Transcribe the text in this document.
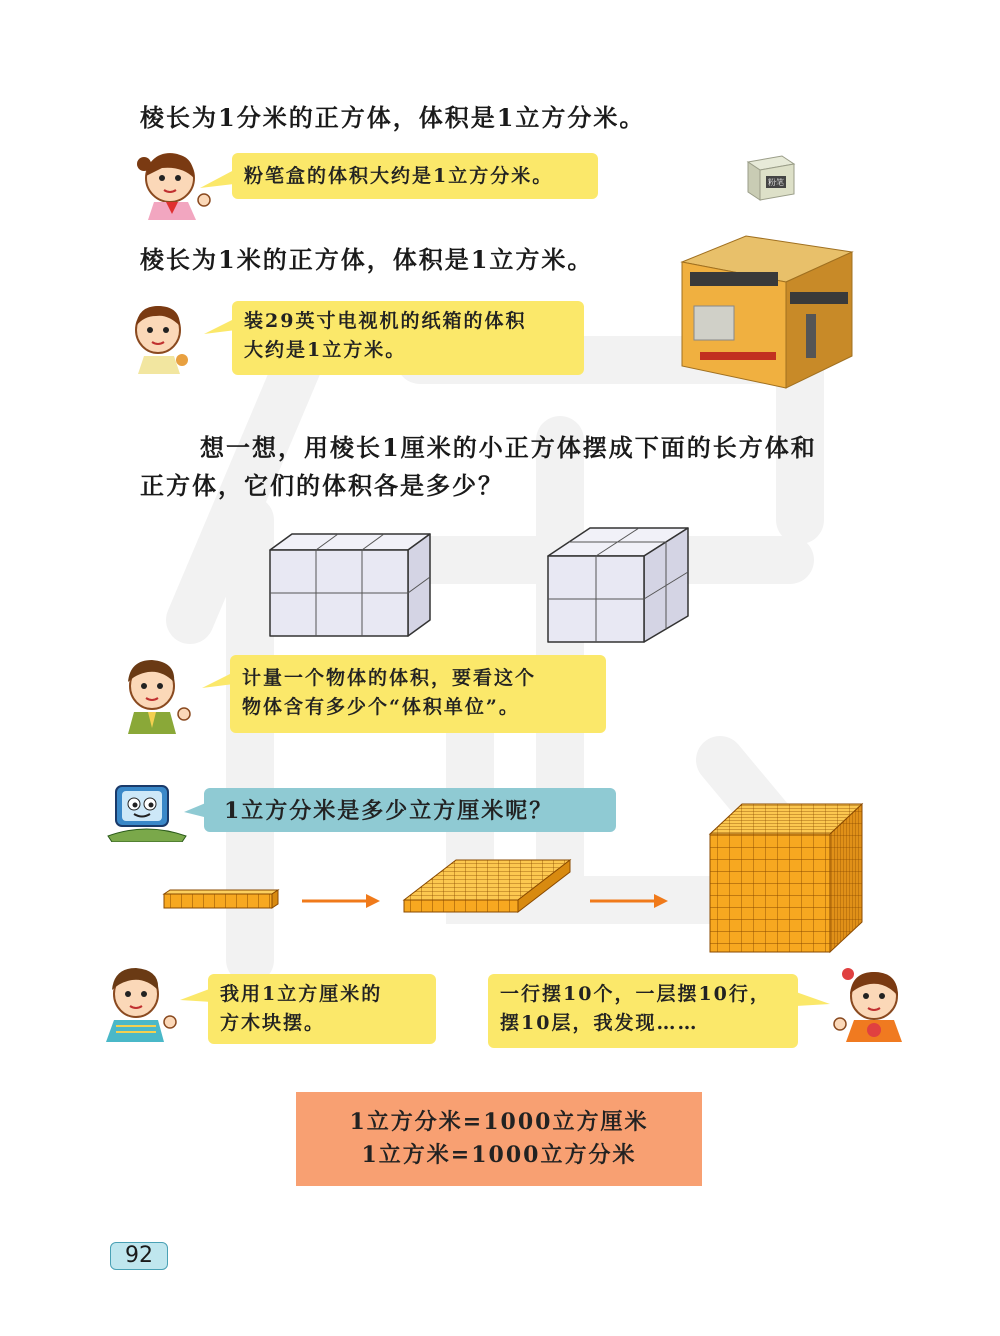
棱长为1分米的正方体，体积是1立方分米。
粉笔盒的体积大约是1立方分米。	粉笔
棱长为1米的正方体，体积是1立方米。
装29英寸电视机的纸箱的体积
大约是1立方米。
想一想，用棱长1厘米的小正方体摆成下面的长方体和
正方体，它们的体积各是多少？
计量一个物体的体积，要看这个
物体含有多少个“体积单位”。
1立方分米是多少立方厘米呢？
我用1立方厘米的
方木块摆。
一行摆10个，一层摆10行，
摆10层，我发现……
1立方分米=1000立方厘米
1立方米=1000立方分米
92
